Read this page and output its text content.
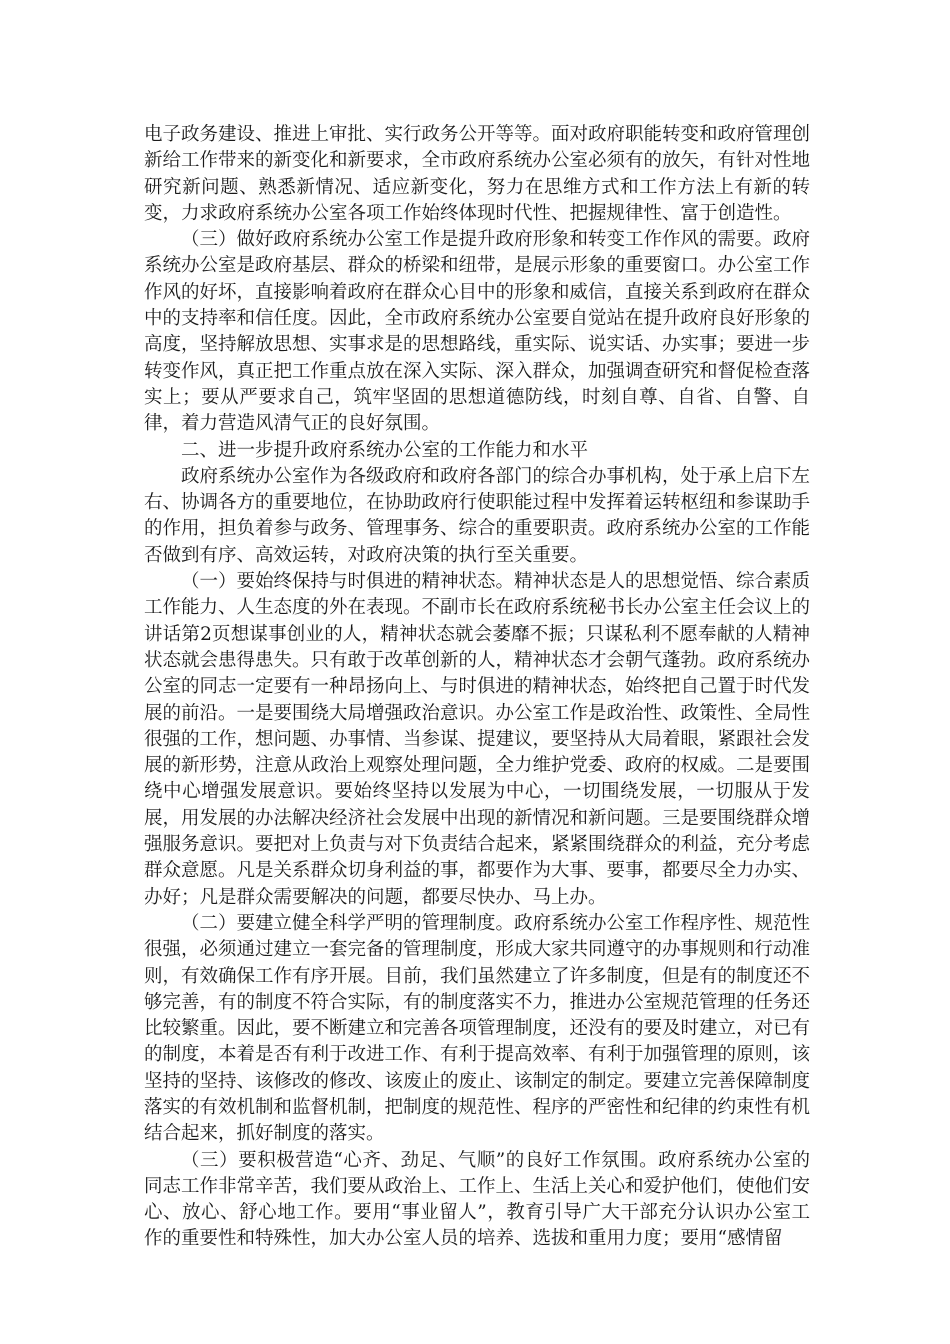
电子政务建设、推进上审批、实行政务公开等等。面对政府职能转变和政府管理创新给工作带来的新变化和新要求，全市政府系统办公室必须有的放矢，有针对性地研究新问题、熟悉新情况、适应新变化，努力在思维方式和工作方法上有新的转变，力求政府系统办公室各项工作始终体现时代性、把握规律性、富于创造性。

（三）做好政府系统办公室工作是提升政府形象和转变工作作风的需要。政府系统办公室是政府基层、群众的桥梁和纽带，是展示形象的重要窗口。办公室工作作风的好坏，直接影响着政府在群众心目中的形象和威信，直接关系到政府在群众中的支持率和信任度。因此，全市政府系统办公室要自觉站在提升政府良好形象的高度，坚持解放思想、实事求是的思想路线，重实际、说实话、办实事；要进一步转变作风，真正把工作重点放在深入实际、深入群众，加强调查研究和督促检查落实上；要从严要求自己，筑牢坚固的思想道德防线，时刻自尊、自省、自警、自律，着力营造风清气正的良好氛围。

二、进一步提升政府系统办公室的工作能力和水平

政府系统办公室作为各级政府和政府各部门的综合办事机构，处于承上启下左右、协调各方的重要地位，在协助政府行使职能过程中发挥着运转枢纽和参谋助手的作用，担负着参与政务、管理事务、综合的重要职责。政府系统办公室的工作能否做到有序、高效运转，对政府决策的执行至关重要。

（一）要始终保持与时俱进的精神状态。精神状态是人的思想觉悟、综合素质工作能力、人生态度的外在表现。不副市长在政府系统秘书长办公室主任会议上的讲话第2页想谋事创业的人，精神状态就会萎靡不振；只谋私利不愿奉献的人精神状态就会患得患失。只有敢于改革创新的人，精神状态才会朝气蓬勃。政府系统办公室的同志一定要有一种昂扬向上、与时俱进的精神状态，始终把自己置于时代发展的前沿。一是要围绕大局增强政治意识。办公室工作是政治性、政策性、全局性很强的工作，想问题、办事情、当参谋、提建议，要坚持从大局着眼，紧跟社会发展的新形势，注意从政治上观察处理问题，全力维护党委、政府的权威。二是要围绕中心增强发展意识。要始终坚持以发展为中心，一切围绕发展，一切服从于发展，用发展的办法解决经济社会发展中出现的新情况和新问题。三是要围绕群众增强服务意识。要把对上负责与对下负责结合起来，紧紧围绕群众的利益，充分考虑群众意愿。凡是关系群众切身利益的事，都要作为大事、要事，都要尽全力办实、办好；凡是群众需要解决的问题，都要尽快办、马上办。

（二）要建立健全科学严明的管理制度。政府系统办公室工作程序性、规范性很强，必须通过建立一套完备的管理制度，形成大家共同遵守的办事规则和行动准则，有效确保工作有序开展。目前，我们虽然建立了许多制度，但是有的制度还不够完善，有的制度不符合实际，有的制度落实不力，推进办公室规范管理的任务还比较繁重。因此，要不断建立和完善各项管理制度，还没有的要及时建立，对已有的制度，本着是否有利于改进工作、有利于提高效率、有利于加强管理的原则，该坚持的坚持、该修改的修改、该废止的废止、该制定的制定。要建立完善保障制度落实的有效机制和监督机制，把制度的规范性、程序的严密性和纪律的约束性有机结合起来，抓好制度的落实。

（三）要积极营造“心齐、劲足、气顺”的良好工作氛围。政府系统办公室的同志工作非常辛苦，我们要从政治上、工作上、生活上关心和爱护他们，使他们安心、放心、舒心地工作。要用“事业留人”，教育引导广大干部充分认识办公室工作的重要性和特殊性，加大办公室人员的培养、选拔和重用力度；要用“感情留
